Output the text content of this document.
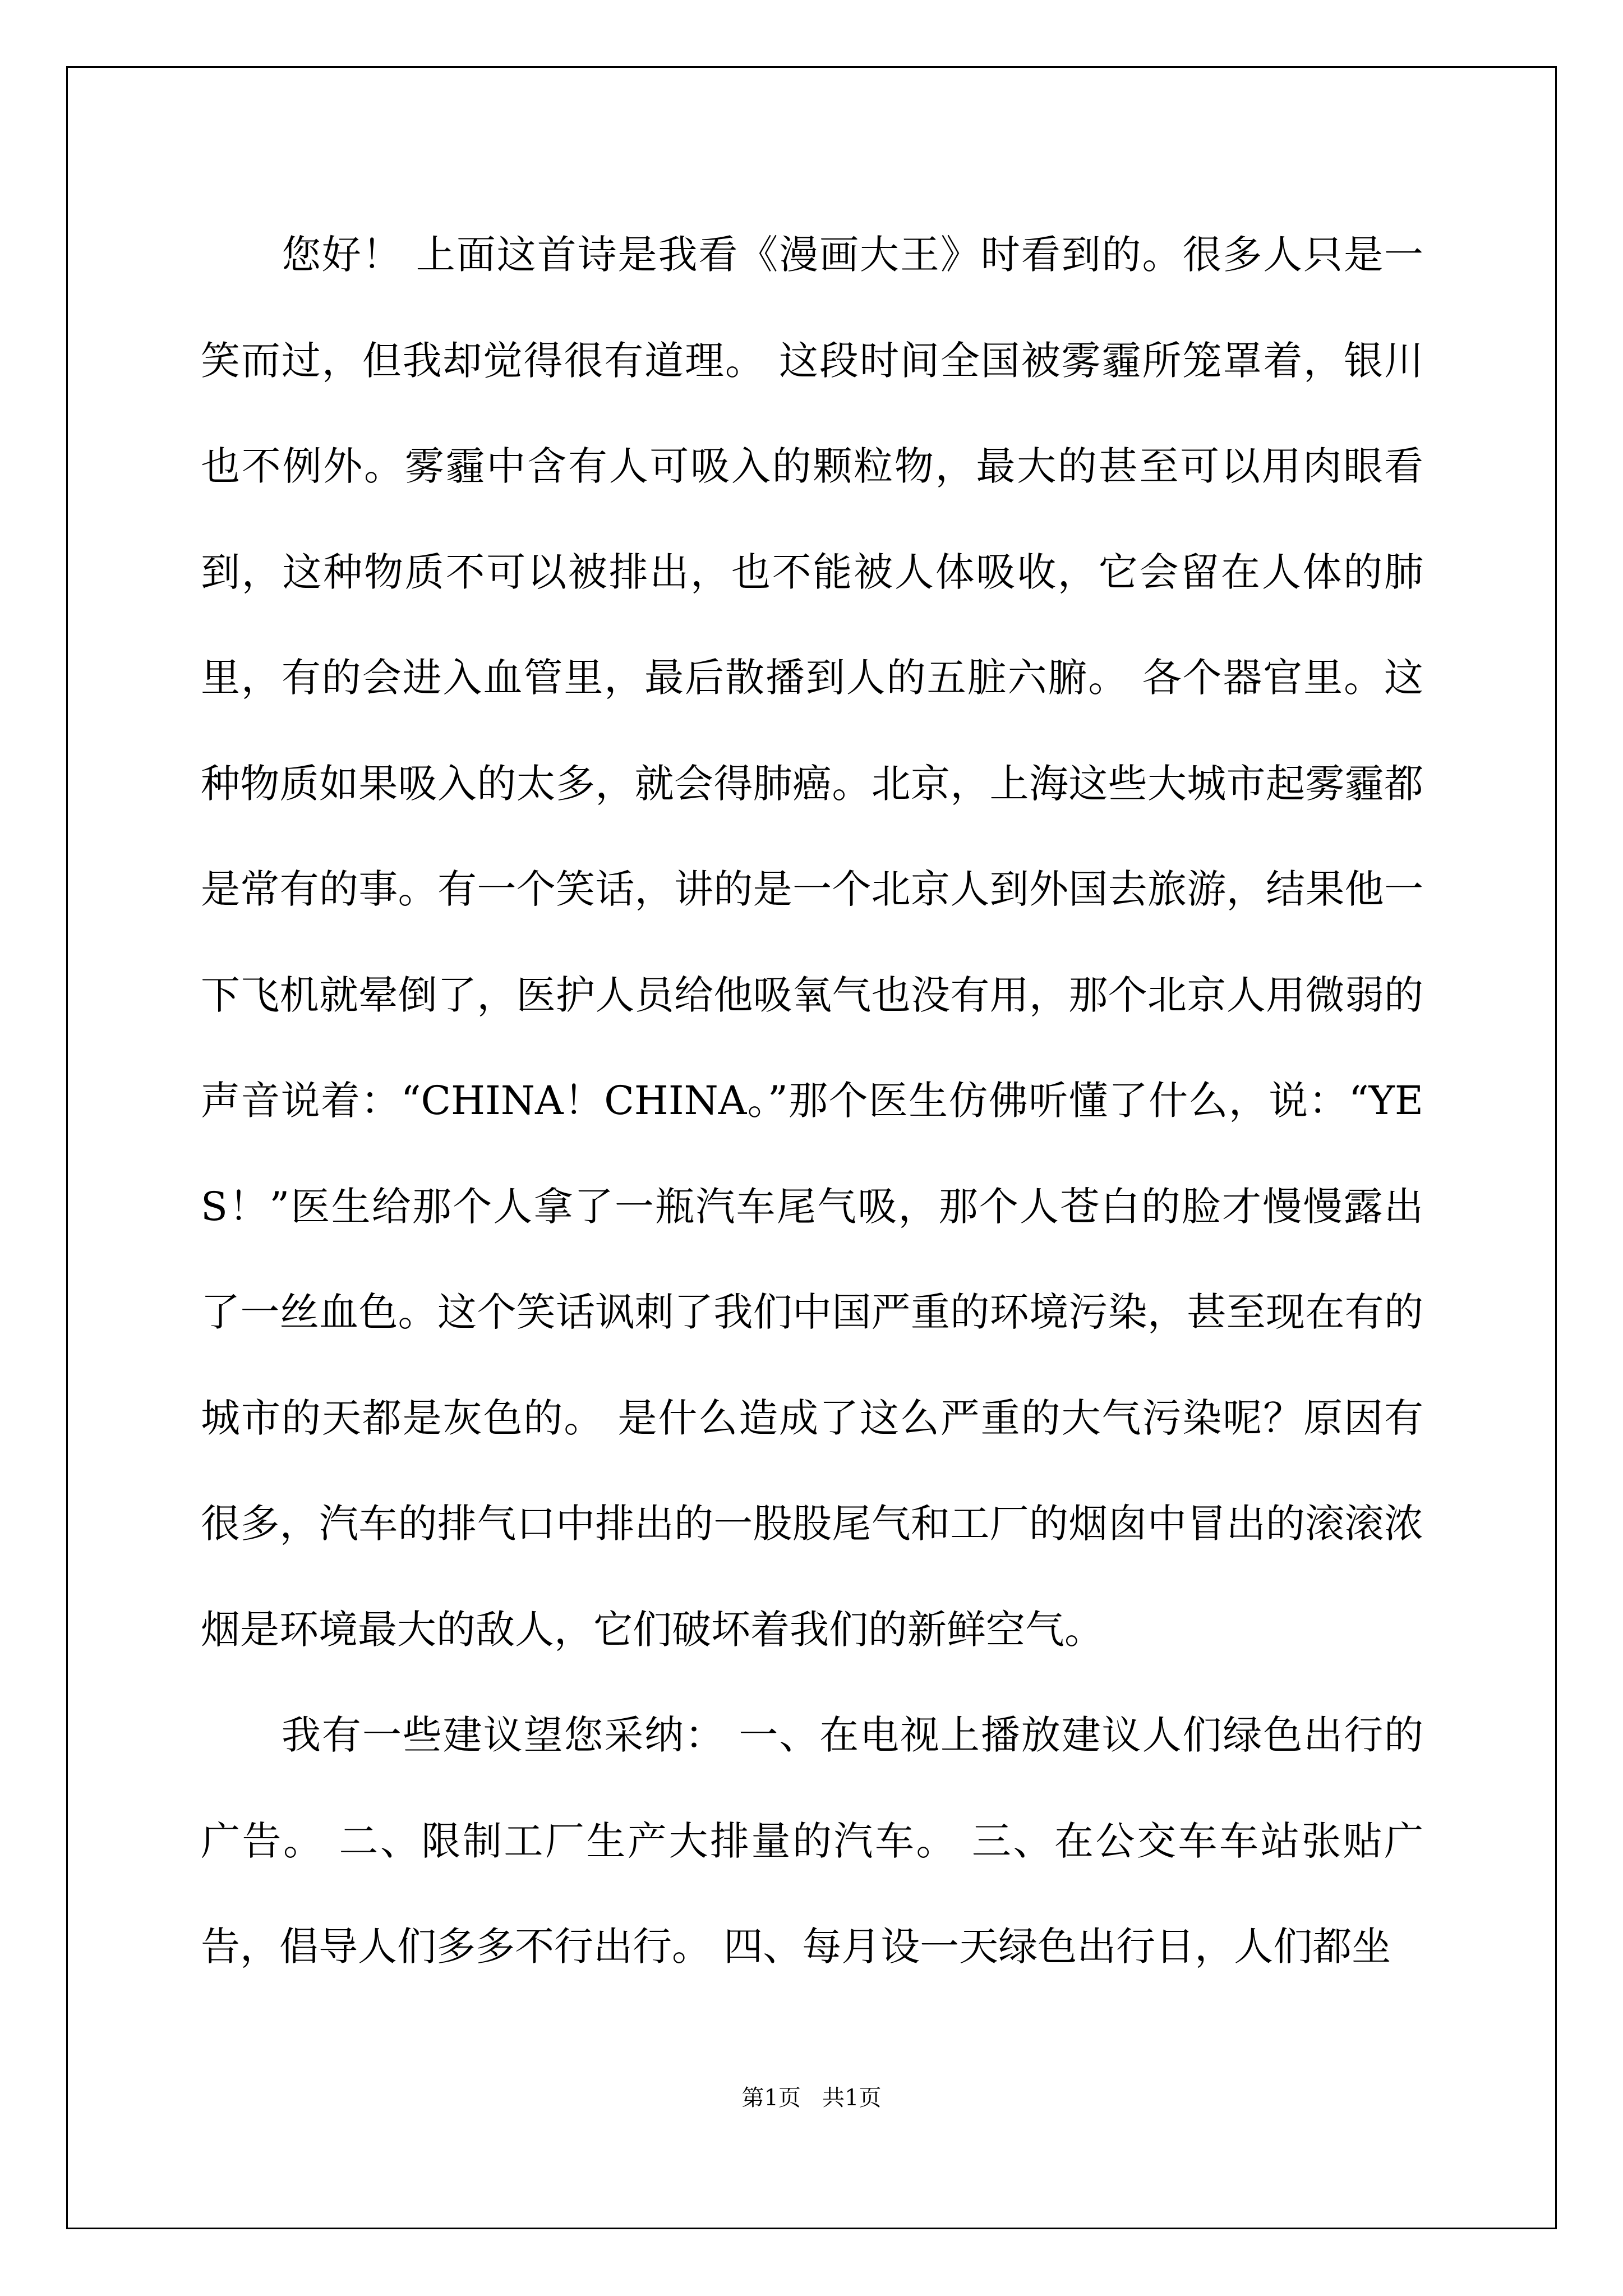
您好！ 上面这首诗是我看《漫画大王》时看到的。很多人只是一笑而过，但我却觉得很有道理。 这段时间全国被雾霾所笼罩着，银川也不例外。雾霾中含有人可吸入的颗粒物，最大的甚至可以用肉眼看到，这种物质不可以被排出，也不能被人体吸收，它会留在人体的肺里，有的会进入血管里，最后散播到人的五脏六腑。 各个器官里。这种物质如果吸入的太多，就会得肺癌。北京，上海这些大城市起雾霾都是常有的事。有一个笑话，讲的是一个北京人到外国去旅游，结果他一下飞机就晕倒了，医护人员给他吸氧气也没有用，那个北京人用微弱的声音说着：“CHINA！CHINA。”那个医生仿佛听懂了什么，说：“YES！”医生给那个人拿了一瓶汽车尾气吸，那个人苍白的脸才慢慢露出了一丝血色。这个笑话讽刺了我们中国严重的环境污染，甚至现在有的城市的天都是灰色的。 是什么造成了这么严重的大气污染呢？原因有很多，汽车的排气口中排出的一股股尾气和工厂的烟囱中冒出的滚滚浓烟是环境最大的敌人，它们破坏着我们的新鲜空气。

我有一些建议望您采纳： 一、在电视上播放建议人们绿色出行的广告。 二、限制工厂生产大排量的汽车。 三、在公交车车站张贴广告，倡导人们多多不行出行。 四、每月设一天绿色出行日，人们都坐

第1页   共1页
